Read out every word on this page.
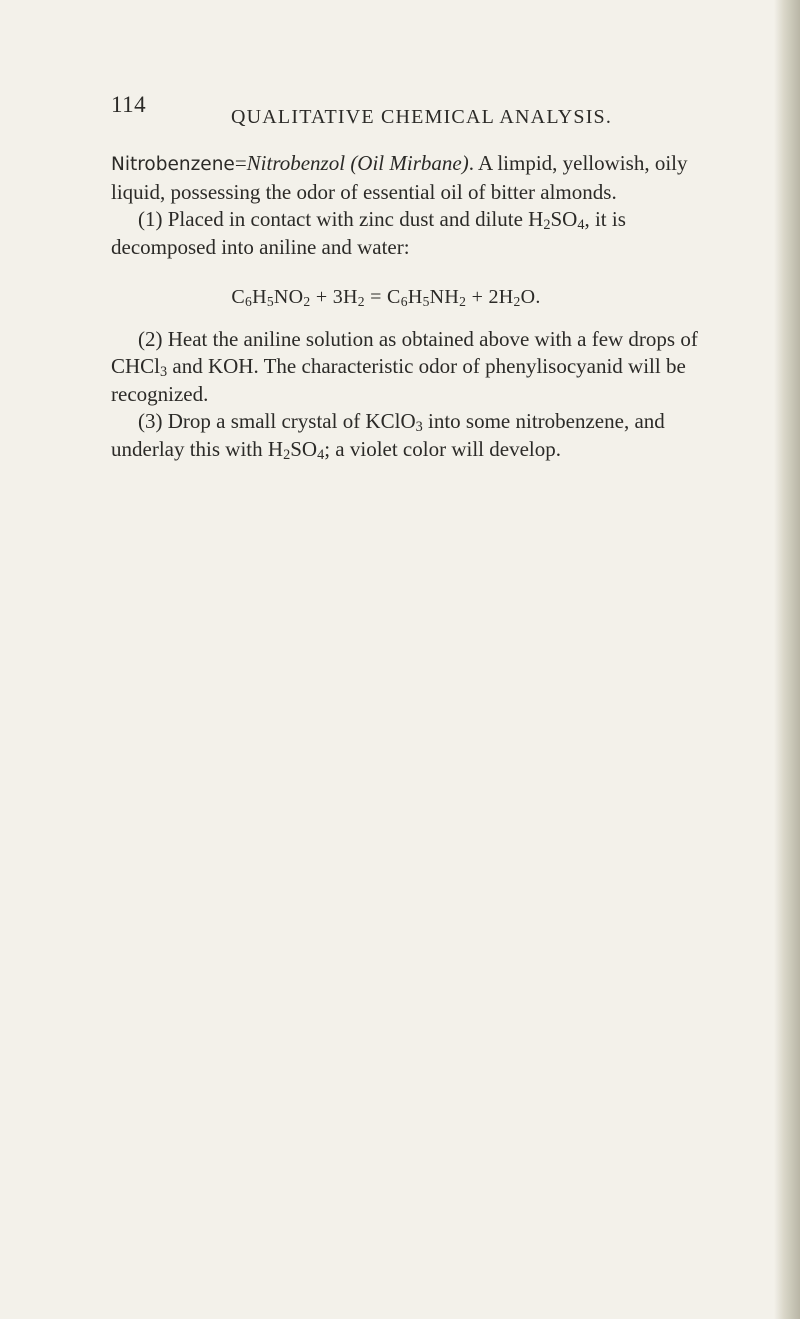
114	QUALITATIVE CHEMICAL ANALYSIS.

Nitrobenzene=Nitrobenzol (Oil Mirbane). A limpid, yellowish, oily liquid, possessing the odor of essential oil of bitter almonds.

(1) Placed in contact with zinc dust and dilute $H_2SO_4$, it is decomposed into aniline and water:

$C_6H_5NO_2 + 3H_2 = C_6H_5NH_2 + 2H_2O$.

(2) Heat the aniline solution as obtained above with a few drops of CHCl$_3$ and KOH. The characteristic odor of phenylisocyanid will be recognized.

(3) Drop a small crystal of KClO$_3$ into some nitrobenzene, and underlay this with $H_2SO_4$; a violet color will develop.
